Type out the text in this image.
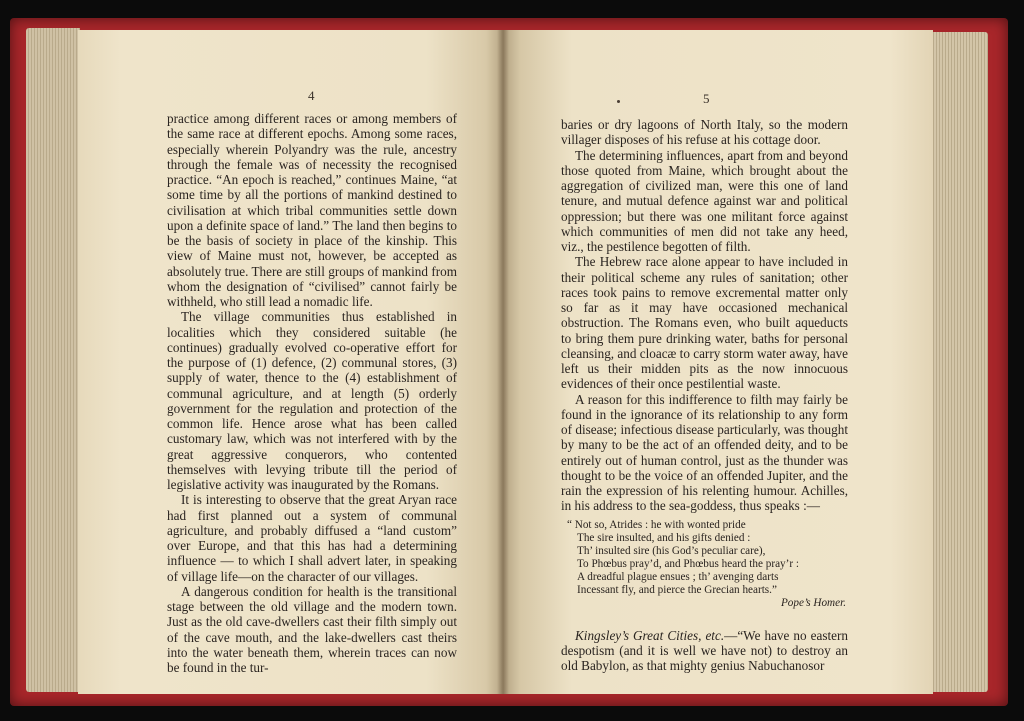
4	5

practice among different races or among members of the same race at different epochs. Among some races, especially wherein Polyandry was the rule, ancestry through the female was of necessity the recognised practice. “An epoch is reached,” continues Maine, “at some time by all the portions of mankind destined to civilisation at which tribal communities settle down upon a definite space of land.” The land then begins to be the basis of society in place of the kinship. This view of Maine must not, however, be accepted as absolutely true. There are still groups of mankind from whom the designation of “civilised” cannot fairly be withheld, who still lead a nomadic life.

The village communities thus established in localities which they considered suitable (he continues) gradually evolved co-operative effort for the purpose of (1) defence, (2) communal stores, (3) supply of water, thence to the (4) establishment of communal agriculture, and at length (5) orderly government for the regulation and protection of the common life. Hence arose what has been called customary law, which was not interfered with by the great aggressive conquerors, who contented themselves with levying tribute till the period of legislative activity was inaugurated by the Romans.

It is interesting to observe that the great Aryan race had first planned out a system of communal agriculture, and probably diffused a “land custom” over Europe, and that this has had a determining influence — to which I shall advert later, in speaking of village life—on the character of our villages.

A dangerous condition for health is the transitional stage between the old village and the modern town. Just as the old cave-dwellers cast their filth simply out of the cave mouth, and the lake-dwellers cast theirs into the water beneath them, wherein traces can now be found in the tur-

baries or dry lagoons of North Italy, so the modern villager disposes of his refuse at his cottage door.

The determining influences, apart from and beyond those quoted from Maine, which brought about the aggregation of civilized man, were this one of land tenure, and mutual defence against war and political oppression; but there was one militant force against which communities of men did not take any heed, viz., the pestilence begotten of filth.

The Hebrew race alone appear to have included in their political scheme any rules of sanitation; other races took pains to remove excremental matter only so far as it may have occasioned mechanical obstruction. The Romans even, who built aqueducts to bring them pure drinking water, baths for personal cleansing, and cloacæ to carry storm water away, have left us their midden pits as the now innocuous evidences of their once pestilential waste.

A reason for this indifference to filth may fairly be found in the ignorance of its relationship to any form of disease; infectious disease particularly, was thought by many to be the act of an offended deity, and to be entirely out of human control, just as the thunder was thought to be the voice of an offended Jupiter, and the rain the expression of his relenting humour. Achilles, in his address to the sea-goddess, thus speaks :—

“ Not so, Atrides : he with wonted pride
The sire insulted, and his gifts denied :
Th’ insulted sire (his God’s peculiar care),
To Phœbus pray’d, and Phœbus heard the pray’r :
A dreadful plague ensues ; th’ avenging darts
Incessant fly, and pierce the Grecian hearts.”
Pope’s Homer.

Kingsley’s Great Cities, etc.—“We have no eastern despotism (and it is well we have not) to destroy an old Babylon, as that mighty genius Nabuchanosor
